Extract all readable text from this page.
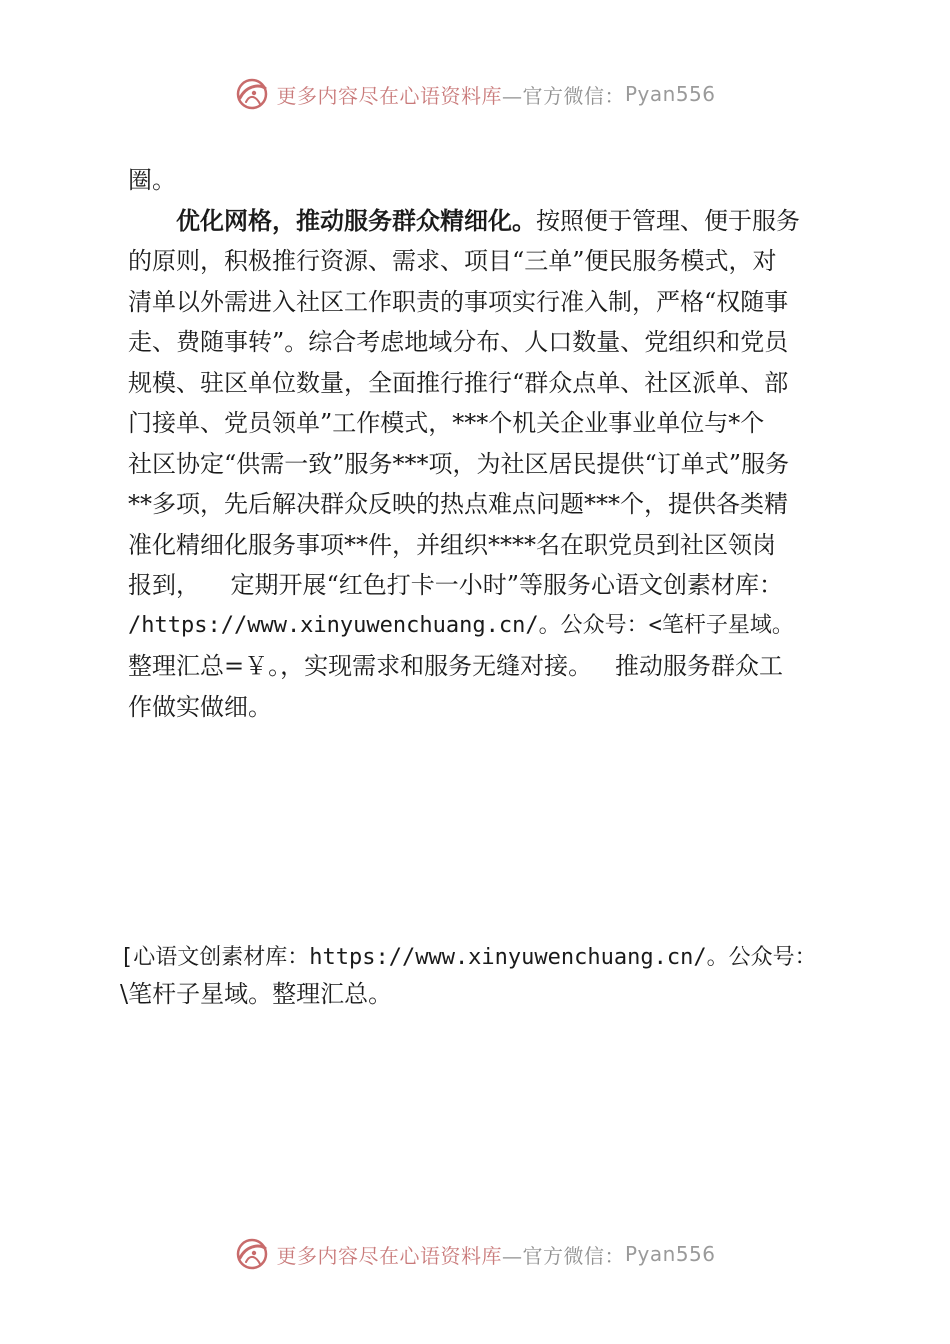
更多内容尽在心语资料库 —官方微信： Pyan556
圈。
优化网格，推动服务群众精细化。按照便于管理、便于服务
的原则，积极推行资源、需求、项目“三单”便民服务模式，对
清单以外需进入社区工作职责的事项实行准入制，严格“权随事
走、费随事转”。综合考虑地域分布、人口数量、党组织和党员
规模、驻区单位数量，全面推行推行“群众点单、社区派单、部
门接单、党员领单”工作模式，***个机关企业事业单位与*个
社区协定“供需一致”服务***项，为社区居民提供“订单式”服务
**多项，先后解决群众反映的热点难点问题***个，提供各类精
准化精细化服务事项**件，并组织****名在职党员到社区领岗
报到，    定期开展“红色打卡一小时”等服务心语文创素材库：
/https://www.xinyuwenchuang.cn/。公众号：<笔杆子星域。
整理汇总=￥。，实现需求和服务无缝对接。   推动服务群众工
作做实做细。
[心语文创素材库：https://www.xinyuwenchuang.cn/。公众号：
\笔杆子星域。整理汇总。
更多内容尽在心语资料库 —官方微信： Pyan556
